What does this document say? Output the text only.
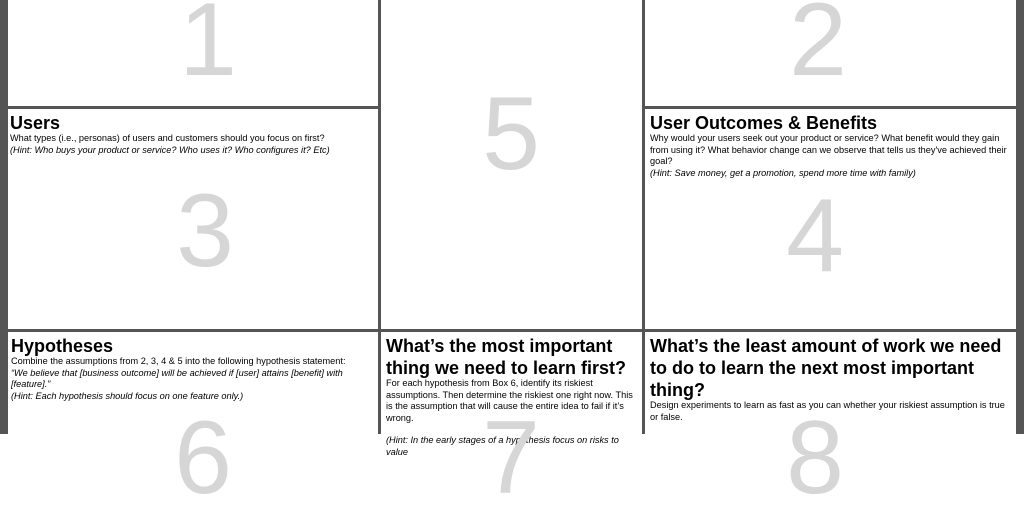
1	2
5
Users

What types (i.e., personas) of users and customers should you focus on first?

(Hint: Who buys your product or service? Who uses it? Who configures it? Etc)

3
User Outcomes & Benefits

Why would your users seek out your product or service? What benefit would they gain from using it? What behavior change can we observe that tells us they've achieved their goal?

(Hint: Save money, get a promotion, spend more time with family)

4
Hypotheses

Combine the assumptions from 2, 3, 4 & 5 into the following hypothesis statement:

“We believe that [business outcome] will be achieved if [user] attains [benefit] with [feature].”

(Hint: Each hypothesis should focus on one feature only.)

6
What’s the most important thing we need to learn first?

For each hypothesis from Box 6, identify its riskiest assumptions. Then determine the riskiest one right now. This is the assumption that will cause the entire idea to fail if it’s wrong.

(Hint: In the early stages of a hypothesis focus on risks to value 7
What’s the least amount of work we need to do to learn the next most important thing?

Design experiments to learn as fast as you can whether your riskiest assumption is true or false. 8
